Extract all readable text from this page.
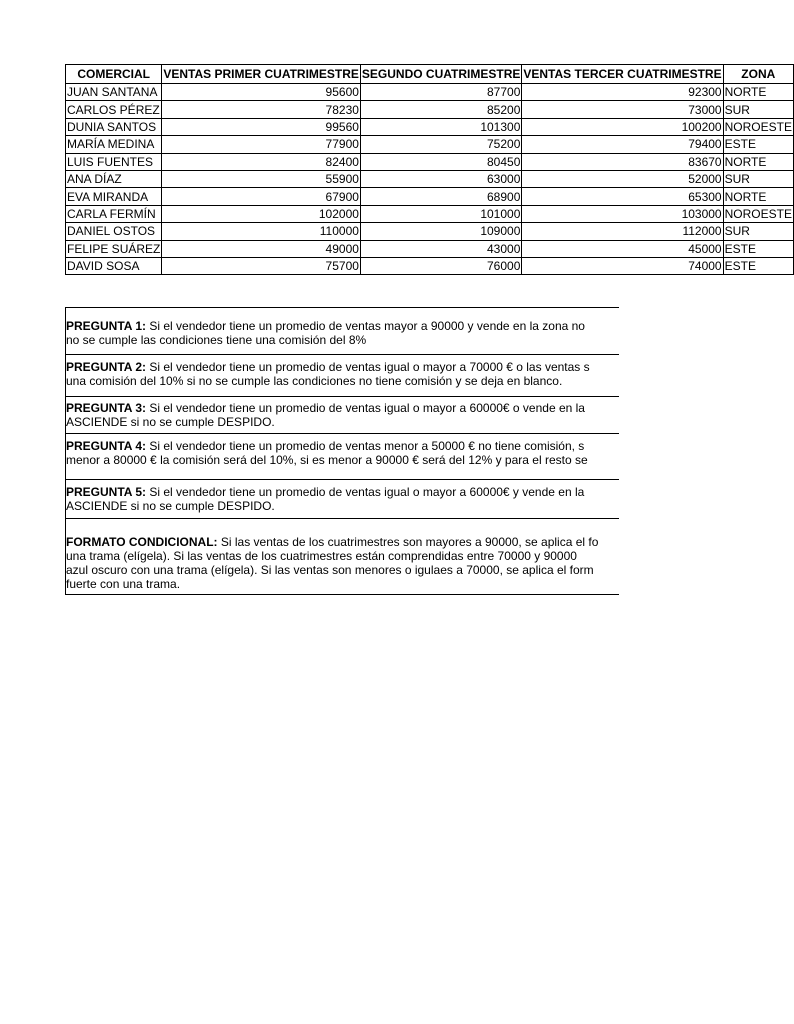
COMERCIAL	VENTAS PRIMER CUATRIMESTRE	SEGUNDO CUATRIMESTRE	VENTAS TERCER CUATRIMESTRE	ZONA
JUAN SANTANA	95600	87700	92300	NORTE
CARLOS PÉREZ	78230	85200	73000	SUR
DUNIA SANTOS	99560	101300	100200	NOROESTE
MARÍA MEDINA	77900	75200	79400	ESTE
LUIS FUENTES	82400	80450	83670	NORTE
ANA DÍAZ	55900	63000	52000	SUR
EVA MIRANDA	67900	68900	65300	NORTE
CARLA FERMÍN	102000	101000	103000	NOROESTE
DANIEL OSTOS	110000	109000	112000	SUR
FELIPE SUÁREZ	49000	43000	45000	ESTE
DAVID SOSA	75700	76000	74000	ESTE
PREGUNTA 1: Si el vendedor tiene un promedio de ventas mayor a 90000 y vende en la zona no
no se cumple las condiciones tiene una comisión del 8%
PREGUNTA 2: Si el vendedor tiene un promedio de ventas igual o mayor a 70000 € o las ventas s
una comisión del 10% si no se cumple las condiciones no tiene comisión y se deja en blanco.
PREGUNTA 3: Si el vendedor tiene un promedio de ventas igual o mayor a 60000€ o vende en la
ASCIENDE si no se cumple DESPIDO.
PREGUNTA 4: Si el vendedor tiene un promedio de ventas menor a 50000 € no tiene comisión, s
menor a 80000 € la comisión será del 10%, si es menor a 90000 € será del 12% y para el resto se
PREGUNTA 5: Si el vendedor tiene un promedio de ventas igual o mayor a 60000€ y vende en la
ASCIENDE si no se cumple DESPIDO.
FORMATO CONDICIONAL: Si las ventas de los cuatrimestres son mayores a 90000, se aplica el fo
una trama (elígela). Si las ventas de los cuatrimestres están comprendidas entre 70000 y 90000
azul oscuro con una trama (elígela). Si las ventas son menores o igulaes a 70000, se aplica el form
fuerte con una trama.
